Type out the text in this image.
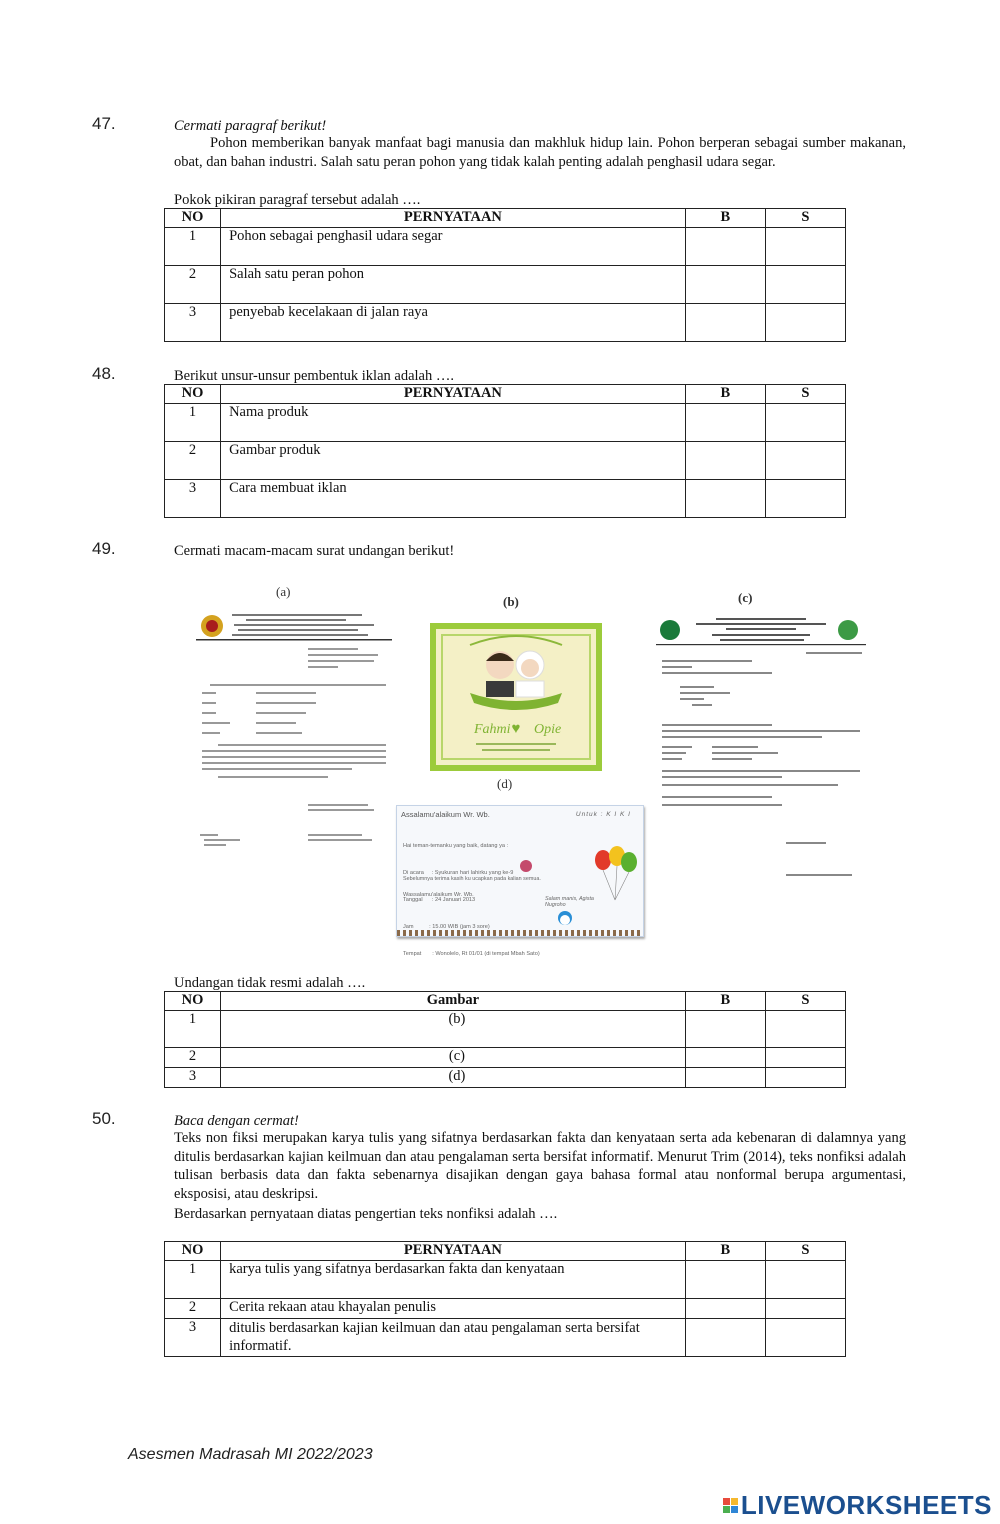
47.	Cermati paragraf berikut!
Pohon memberikan banyak manfaat bagi manusia dan makhluk hidup lain. Pohon berperan sebagai sumber makanan, obat, dan bahan industri. Salah satu peran pohon yang tidak kalah penting adalah penghasil udara segar.
Pokok pikiran paragraf tersebut adalah ….
NO	PERNYATAAN	B	S
1	Pohon sebagai penghasil udara segar		
2	Salah satu peran pohon		
3	penyebab kecelakaan di jalan raya		
48.	Berikut unsur-unsur pembentuk iklan adalah ….
NO	PERNYATAAN	B	S
1	Nama produk		
2	Gambar produk		
3	Cara membuat iklan		
49.	Cermati macam-macam surat undangan berikut!
(a)
(b)
♥
Fahmi Opie
(c)
(d)
Assalamu'alaikum Wr. Wb.	Untuk : K I K I

Hai teman-temanku yang baik, datang ya :

Di acara     : Syukuran hari lahirku yang ke-9

Tanggal      : 24 Januari 2013

Jam          : 15.00 WIB (jam 3 sore)

Tempat       : Wonolelo, Rt 01/01 (di tempat Mbah Sato)

Sebelumnya terima kasih ku ucapkan pada kalian semua.
Wassalamu'alaikum Wr. Wb.
Salam manis, Agista Nugroho
Undangan tidak resmi adalah ….
NO	Gambar	B	S
1	(b)		
2	(c)		
3	(d)		
50.	Baca dengan cermat!
Teks non fiksi merupakan karya tulis yang sifatnya berdasarkan fakta dan kenyataan serta ada kebenaran di dalamnya yang ditulis berdasarkan kajian keilmuan dan atau pengalaman serta bersifat informatif. Menurut Trim (2014), teks nonfiksi adalah tulisan berbasis data dan fakta sebenarnya disajikan dengan gaya bahasa formal atau nonformal berupa argumentasi, eksposisi, atau deskripsi.
Berdasarkan pernyataan diatas pengertian teks nonfiksi adalah ….
NO	PERNYATAAN	B	S
1	karya tulis yang sifatnya berdasarkan fakta dan kenyataan		
2	Cerita rekaan atau khayalan penulis		
3	ditulis berdasarkan kajian keilmuan dan atau pengalaman serta bersifat informatif.		
Asesmen Madrasah MI 2022/2023
LIVEWORKSHEETS
